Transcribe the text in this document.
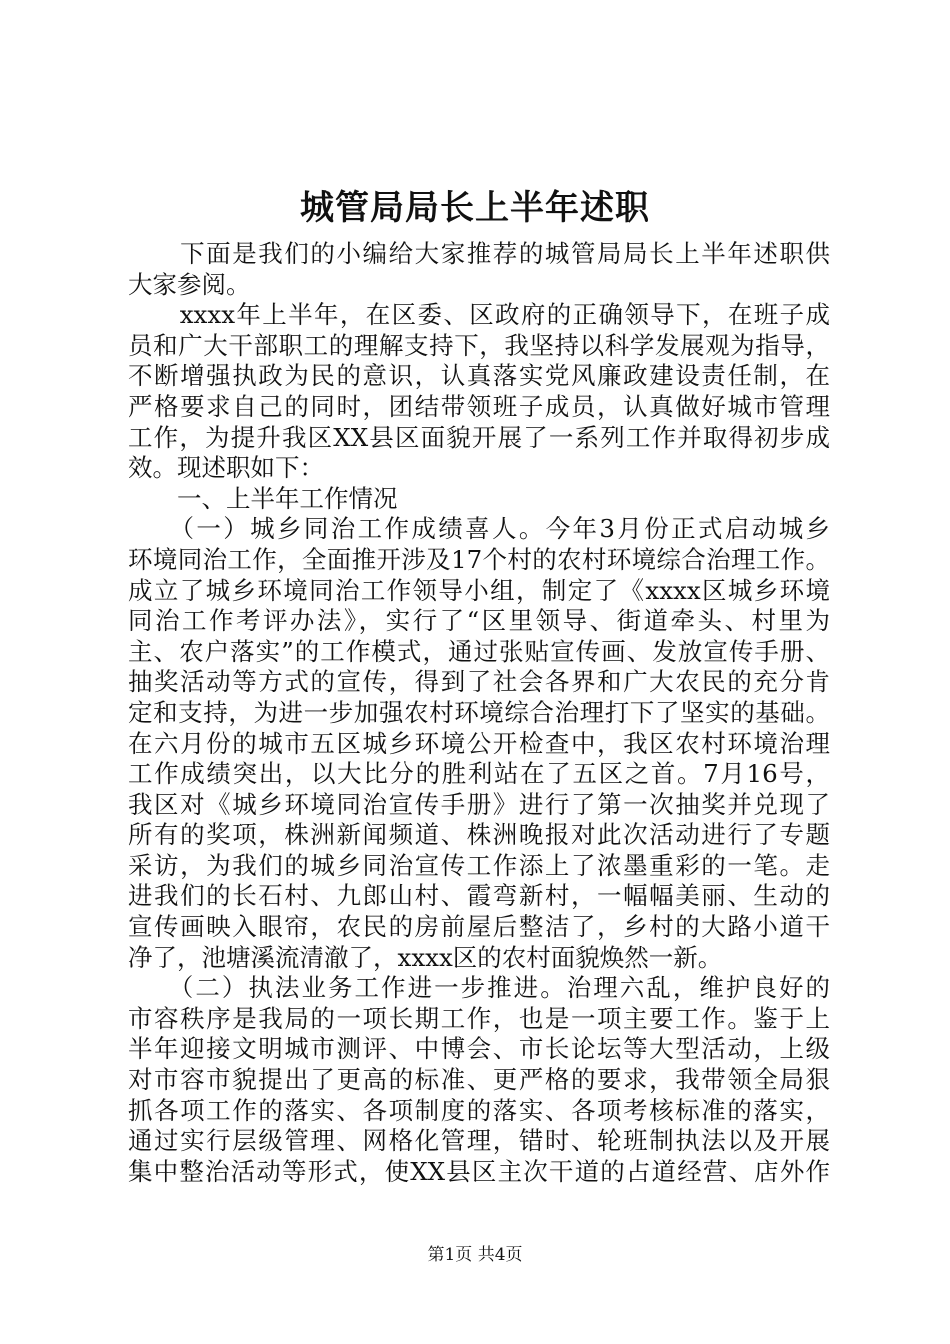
城管局局长上半年述职
　　下面是我们的小编给大家推荐的城管局局长上半年述职供
大家参阅。
　　xxxx年上半年，在区委、区政府的正确领导下，在班子成
员和广大干部职工的理解支持下，我坚持以科学发展观为指导，
不断增强执政为民的意识，认真落实党风廉政建设责任制，在
严格要求自己的同时，团结带领班子成员，认真做好城市管理
工作，为提升我区XX县区面貌开展了一系列工作并取得初步成
效。现述职如下：
　　一、上半年工作情况
　　（一）城乡同治工作成绩喜人。今年3月份正式启动城乡
环境同治工作，全面推开涉及17个村的农村环境综合治理工作。
成立了城乡环境同治工作领导小组，制定了《xxxx区城乡环境
同治工作考评办法》，实行了“区里领导、街道牵头、村里为
主、农户落实”的工作模式，通过张贴宣传画、发放宣传手册、
抽奖活动等方式的宣传，得到了社会各界和广大农民的充分肯
定和支持，为进一步加强农村环境综合治理打下了坚实的基础。
在六月份的城市五区城乡环境公开检查中，我区农村环境治理
工作成绩突出，以大比分的胜利站在了五区之首。7月16号，
我区对《城乡环境同治宣传手册》进行了第一次抽奖并兑现了
所有的奖项，株洲新闻频道、株洲晚报对此次活动进行了专题
采访，为我们的城乡同治宣传工作添上了浓墨重彩的一笔。走
进我们的长石村、九郎山村、霞弯新村，一幅幅美丽、生动的
宣传画映入眼帘，农民的房前屋后整洁了，乡村的大路小道干
净了，池塘溪流清澈了，xxxx区的农村面貌焕然一新。
　　（二）执法业务工作进一步推进。治理六乱，维护良好的
市容秩序是我局的一项长期工作，也是一项主要工作。鉴于上
半年迎接文明城市测评、中博会、市长论坛等大型活动，上级
对市容市貌提出了更高的标准、更严格的要求，我带领全局狠
抓各项工作的落实、各项制度的落实、各项考核标准的落实，
通过实行层级管理、网格化管理，错时、轮班制执法以及开展
集中整治活动等形式，使XX县区主次干道的占道经营、店外作
第1页 共4页
